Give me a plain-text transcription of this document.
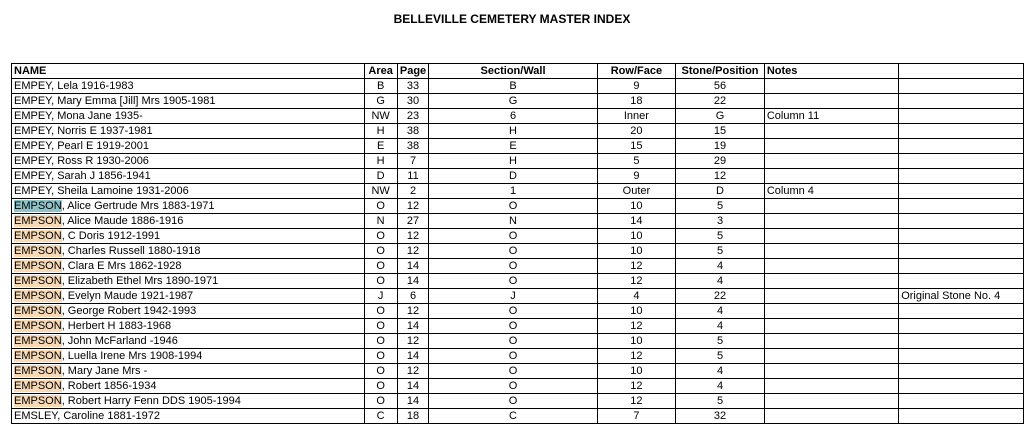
BELLEVILLE CEMETERY MASTER INDEX
NAME	Area	Page	Section/Wall	Row/Face	Stone/Position	Notes	
EMPEY, Lela 1916-1983	B	33	B	9	56		
EMPEY, Mary Emma [Jill] Mrs 1905-1981	G	30	G	18	22		
EMPEY, Mona Jane 1935-	NW	23	6	Inner	G	Column 11	
EMPEY, Norris E 1937-1981	H	38	H	20	15		
EMPEY, Pearl E 1919-2001	E	38	E	15	19		
EMPEY, Ross R 1930-2006	H	7	H	5	29		
EMPEY, Sarah J 1856-1941	D	11	D	9	12		
EMPEY, Sheila Lamoine 1931-2006	NW	2	1	Outer	D	Column 4	
EMPSON, Alice Gertrude Mrs 1883-1971	O	12	O	10	5		
EMPSON, Alice Maude 1886-1916	N	27	N	14	3		
EMPSON, C Doris 1912-1991	O	12	O	10	5		
EMPSON, Charles Russell 1880-1918	O	12	O	10	5		
EMPSON, Clara E Mrs 1862-1928	O	14	O	12	4		
EMPSON, Elizabeth Ethel Mrs 1890-1971	O	14	O	12	4		
EMPSON, Evelyn Maude 1921-1987	J	6	J	4	22		Original Stone No. 4
EMPSON, George Robert 1942-1993	O	12	O	10	4		
EMPSON, Herbert H 1883-1968	O	14	O	12	4		
EMPSON, John McFarland -1946	O	12	O	10	5		
EMPSON, Luella Irene Mrs 1908-1994	O	14	O	12	5		
EMPSON, Mary Jane Mrs -	O	12	O	10	4		
EMPSON, Robert 1856-1934	O	14	O	12	4		
EMPSON, Robert Harry Fenn DDS 1905-1994	O	14	O	12	5		
EMSLEY, Caroline 1881-1972	C	18	C	7	32		
